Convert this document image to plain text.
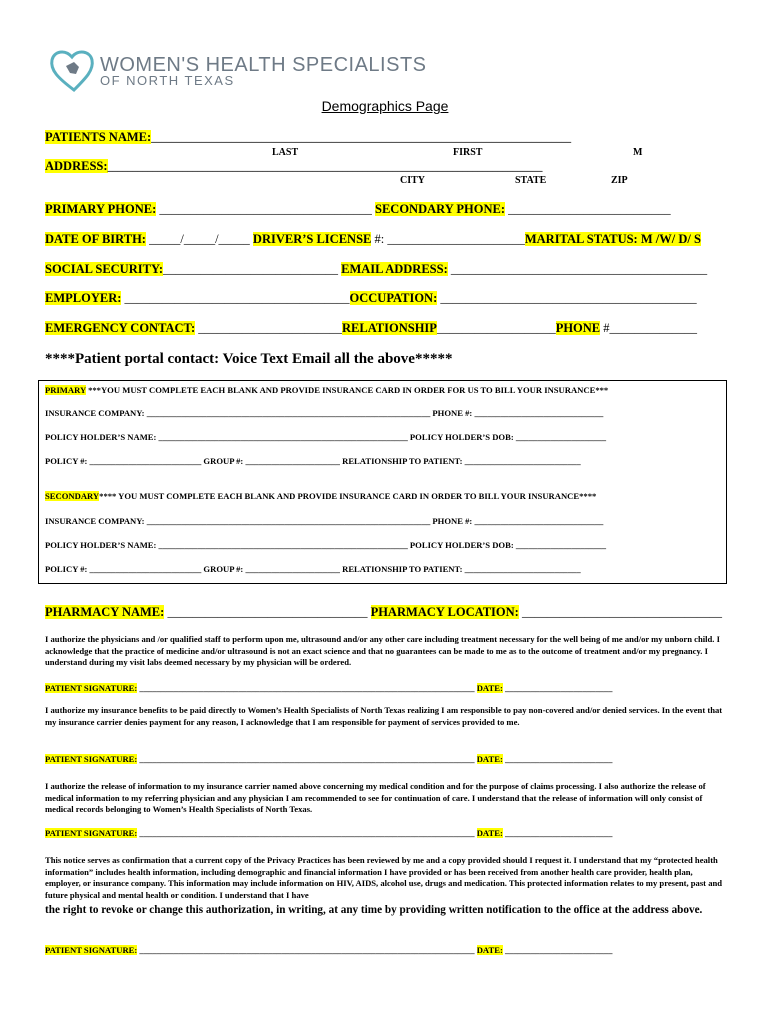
WOMEN'S HEALTH SPECIALISTS
OF NORTH TEXAS
Demographics Page
PATIENTS NAME:____________________________________________________________________________________
LAST	FIRST	M
ADDRESS:_______________________________________________________________________________________
CITY	STATE	ZIP
PRIMARY PHONE: __________________________________ SECONDARY PHONE: __________________________
DATE OF BIRTH: _____/_____/_____ DRIVER’S LICENSE #: ______________________MARITAL STATUS: M /W/ D/ S
SOCIAL SECURITY:____________________________ EMAIL ADDRESS: _________________________________________
EMPLOYER: ____________________________________OCCUPATION: _________________________________________
EMERGENCY CONTACT: _______________________RELATIONSHIP___________________PHONE #______________
****Patient portal contact: Voice Text Email all the above*****
PRIMARY ***YOU MUST COMPLETE EACH BLANK AND PROVIDE INSURANCE CARD IN ORDER FOR US TO BILL YOUR INSURANCE***
INSURANCE COMPANY: __________________________________________________________________ PHONE #: ______________________________
POLICY HOLDER’S NAME: __________________________________________________________ POLICY HOLDER’S DOB: _____________________
POLICY #: __________________________ GROUP #: ______________________ RELATIONSHIP TO PATIENT: ___________________________
SECONDARY**** YOU MUST COMPLETE EACH BLANK AND PROVIDE INSURANCE CARD IN ORDER TO BILL YOUR INSURANCE****
INSURANCE COMPANY: __________________________________________________________________ PHONE #: ______________________________
POLICY HOLDER’S NAME: __________________________________________________________ POLICY HOLDER’S DOB: _____________________
POLICY #: __________________________ GROUP #: ______________________ RELATIONSHIP TO PATIENT: ___________________________
PHARMACY NAME: ________________________________ PHARMACY LOCATION: ________________________________
I authorize the physicians and /or qualified staff to perform upon me, ultrasound and/or any other care including treatment necessary for the well being of me and/or my unborn child. I acknowledge that the practice of medicine and/or ultrasound is not an exact science and that no guarantees can be made to me as to the outcome of treatment and/or my pregnancy. I understand during my visit labs deemed necessary by my physician will be ordered.
PATIENT SIGNATURE: ______________________________________________________________________________ DATE: _________________________
I authorize my insurance benefits to be paid directly to Women’s Health Specialists of North Texas realizing I am responsible to pay non-covered and/or denied services. In the event that my insurance carrier denies payment for any reason, I acknowledge that I am responsible for payment of services provided to me.
PATIENT SIGNATURE: ______________________________________________________________________________ DATE: _________________________
I authorize the release of information to my insurance carrier named above concerning my medical condition and for the purpose of claims processing. I also authorize the release of medical information to my referring physician and any physician I am recommended to see for continuation of care. I understand that the release of information will only consist of medical records belonging to Women’s Health Specialists of North Texas.
PATIENT SIGNATURE: ______________________________________________________________________________ DATE: _________________________
This notice serves as confirmation that a current copy of the Privacy Practices has been reviewed by me and a copy provided should I request it. I understand that my “protected health information” includes health information, including demographic and financial information I have provided or has been received from another health care provider, health plan, employer, or insurance company. This information may include information on HIV, AIDS, alcohol use, drugs and medication. This protected information relates to my present, past and future physical and mental health or condition. I understand that I have
the right to revoke or change this authorization, in writing, at any time by providing written notification to the office at the address above.
PATIENT SIGNATURE: ______________________________________________________________________________ DATE: _________________________
